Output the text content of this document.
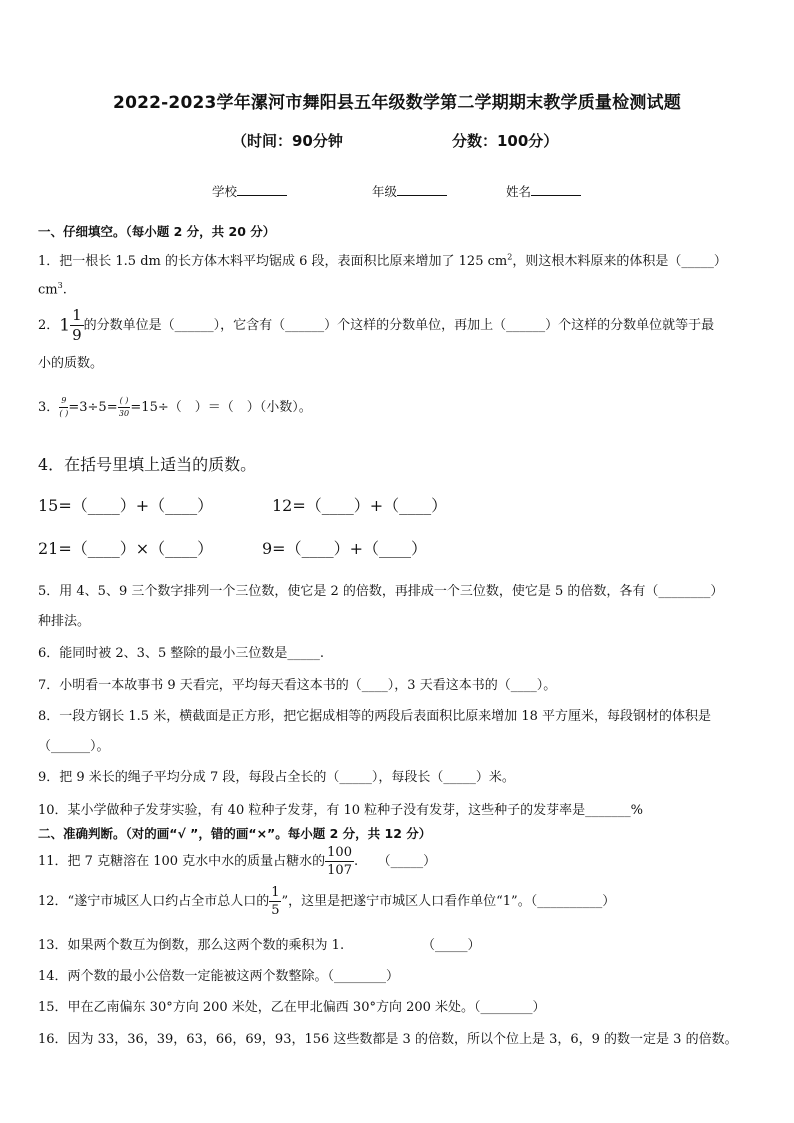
2022-2023学年漯河市舞阳县五年级数学第二学期期末教学质量检测试题
（时间：90分钟	分数：100分）
学校	年级	姓名
一、仔细填空。（每小题 2 分，共 20 分）
1．把一根长 1.5 dm 的长方体木料平均锯成 6 段，表面积比原来增加了 125 $cm^2$，则这根木料原来的体积是（_____）
$cm^3$.
2．$1 \frac{1}{9}$ 的分数单位是（______），它含有（______）个这样的分数单位，再加上（______）个这样的分数单位就等于最
小的质数。
3． $\frac{9}{( )} =3\div 5= \frac{( )}{30} =15\div$（　）＝（　）（小数）。
4．在括号里填上适当的质数。
15=（____）+（____）	12=（____）+（____）
21=（____）×（____）	9=（____）+（____）
5．用 4、5、9 三个数字排列一个三位数，使它是 2 的倍数，再排成一个三位数，使它是 5 的倍数，各有（________）
种排法。
6．能同时被 2、3、5 整除的最小三位数是_____.
7．小明看一本故事书 9 天看完，平均每天看这本书的（____），3 天看这本书的（____）。
8．一段方钢长 1.5 米，横截面是正方形，把它据成相等的两段后表面积比原来增加 18 平方厘米，每段钢材的体积是
（______）。
9．把 9 米长的绳子平均分成 7 段，每段占全长的（_____），每段长（_____）米。
10．某小学做种子发芽实验，有 40 粒种子发芽，有 10 粒种子没有发芽，这些种子的发芽率是_______%
二、准确判断。（对的画“√ ”，错的画“×”。每小题 2 分，共 12 分）
11．把 7 克糖溶在 100 克水中水的质量占糖水的 $\frac{100}{107}$ .　　（_____）
12．“遂宁市城区人口约占全市总人口的 $\frac{1}{5}$ ”，这里是把遂宁市城区人口看作单位“1”。（__________）
13．如果两个数互为倒数，那么这两个数的乘积为 1.	（_____）
14．两个数的最小公倍数一定能被这两个数整除。（________）
15．甲在乙南偏东 30°方向 200 米处，乙在甲北偏西 30°方向 200 米处。（________）
16．因为 33，36，39，63，66，69，93，156 这些数都是 3 的倍数，所以个位上是 3，6，9 的数一定是 3 的倍数。
